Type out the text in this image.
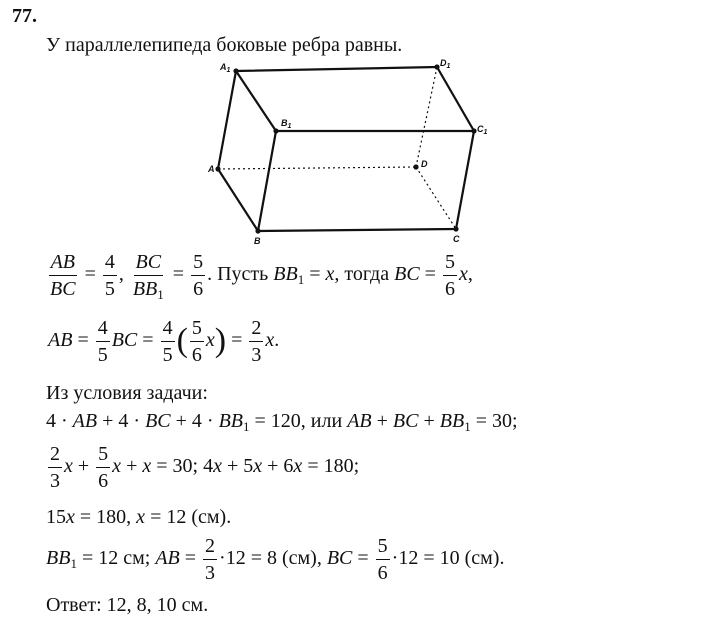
77.
У параллелепипеда боковые ребра равны.
$A_1$
$D_1$
$B_1$	$C_1$
A	D
B	C
$\frac{AB}{BC} = \frac{4}{5}$ , $\frac{BC}{BB_1} = \frac{5}{6}$ . Пусть $BB_1 = x$, тогда BC = $\frac{5}{6} x$,
AB = $\frac{4}{5}$ BC = $\frac{4}{5}$ ( $\frac{5}{6} x) = \frac{2}{3} x$.
Из условия задачи:
4 · AB + 4 · BC + $4 \cdot BB_1 = 120$, или AB + BC + $BB_1 = 30$;
$\frac{2}{3}$ $x + \frac{5}{6}$ x + x = 30; 4x + 5x + 6x = 180;
15x = 180, x = 12 (см).
$BB_1 = 12$ см; AB = $\frac{2}{3} \cdot 12 = 8$ (см), BC = $\frac{5}{6} \cdot 12 = 10$ (см).
Ответ: 12, 8, 10 см.
